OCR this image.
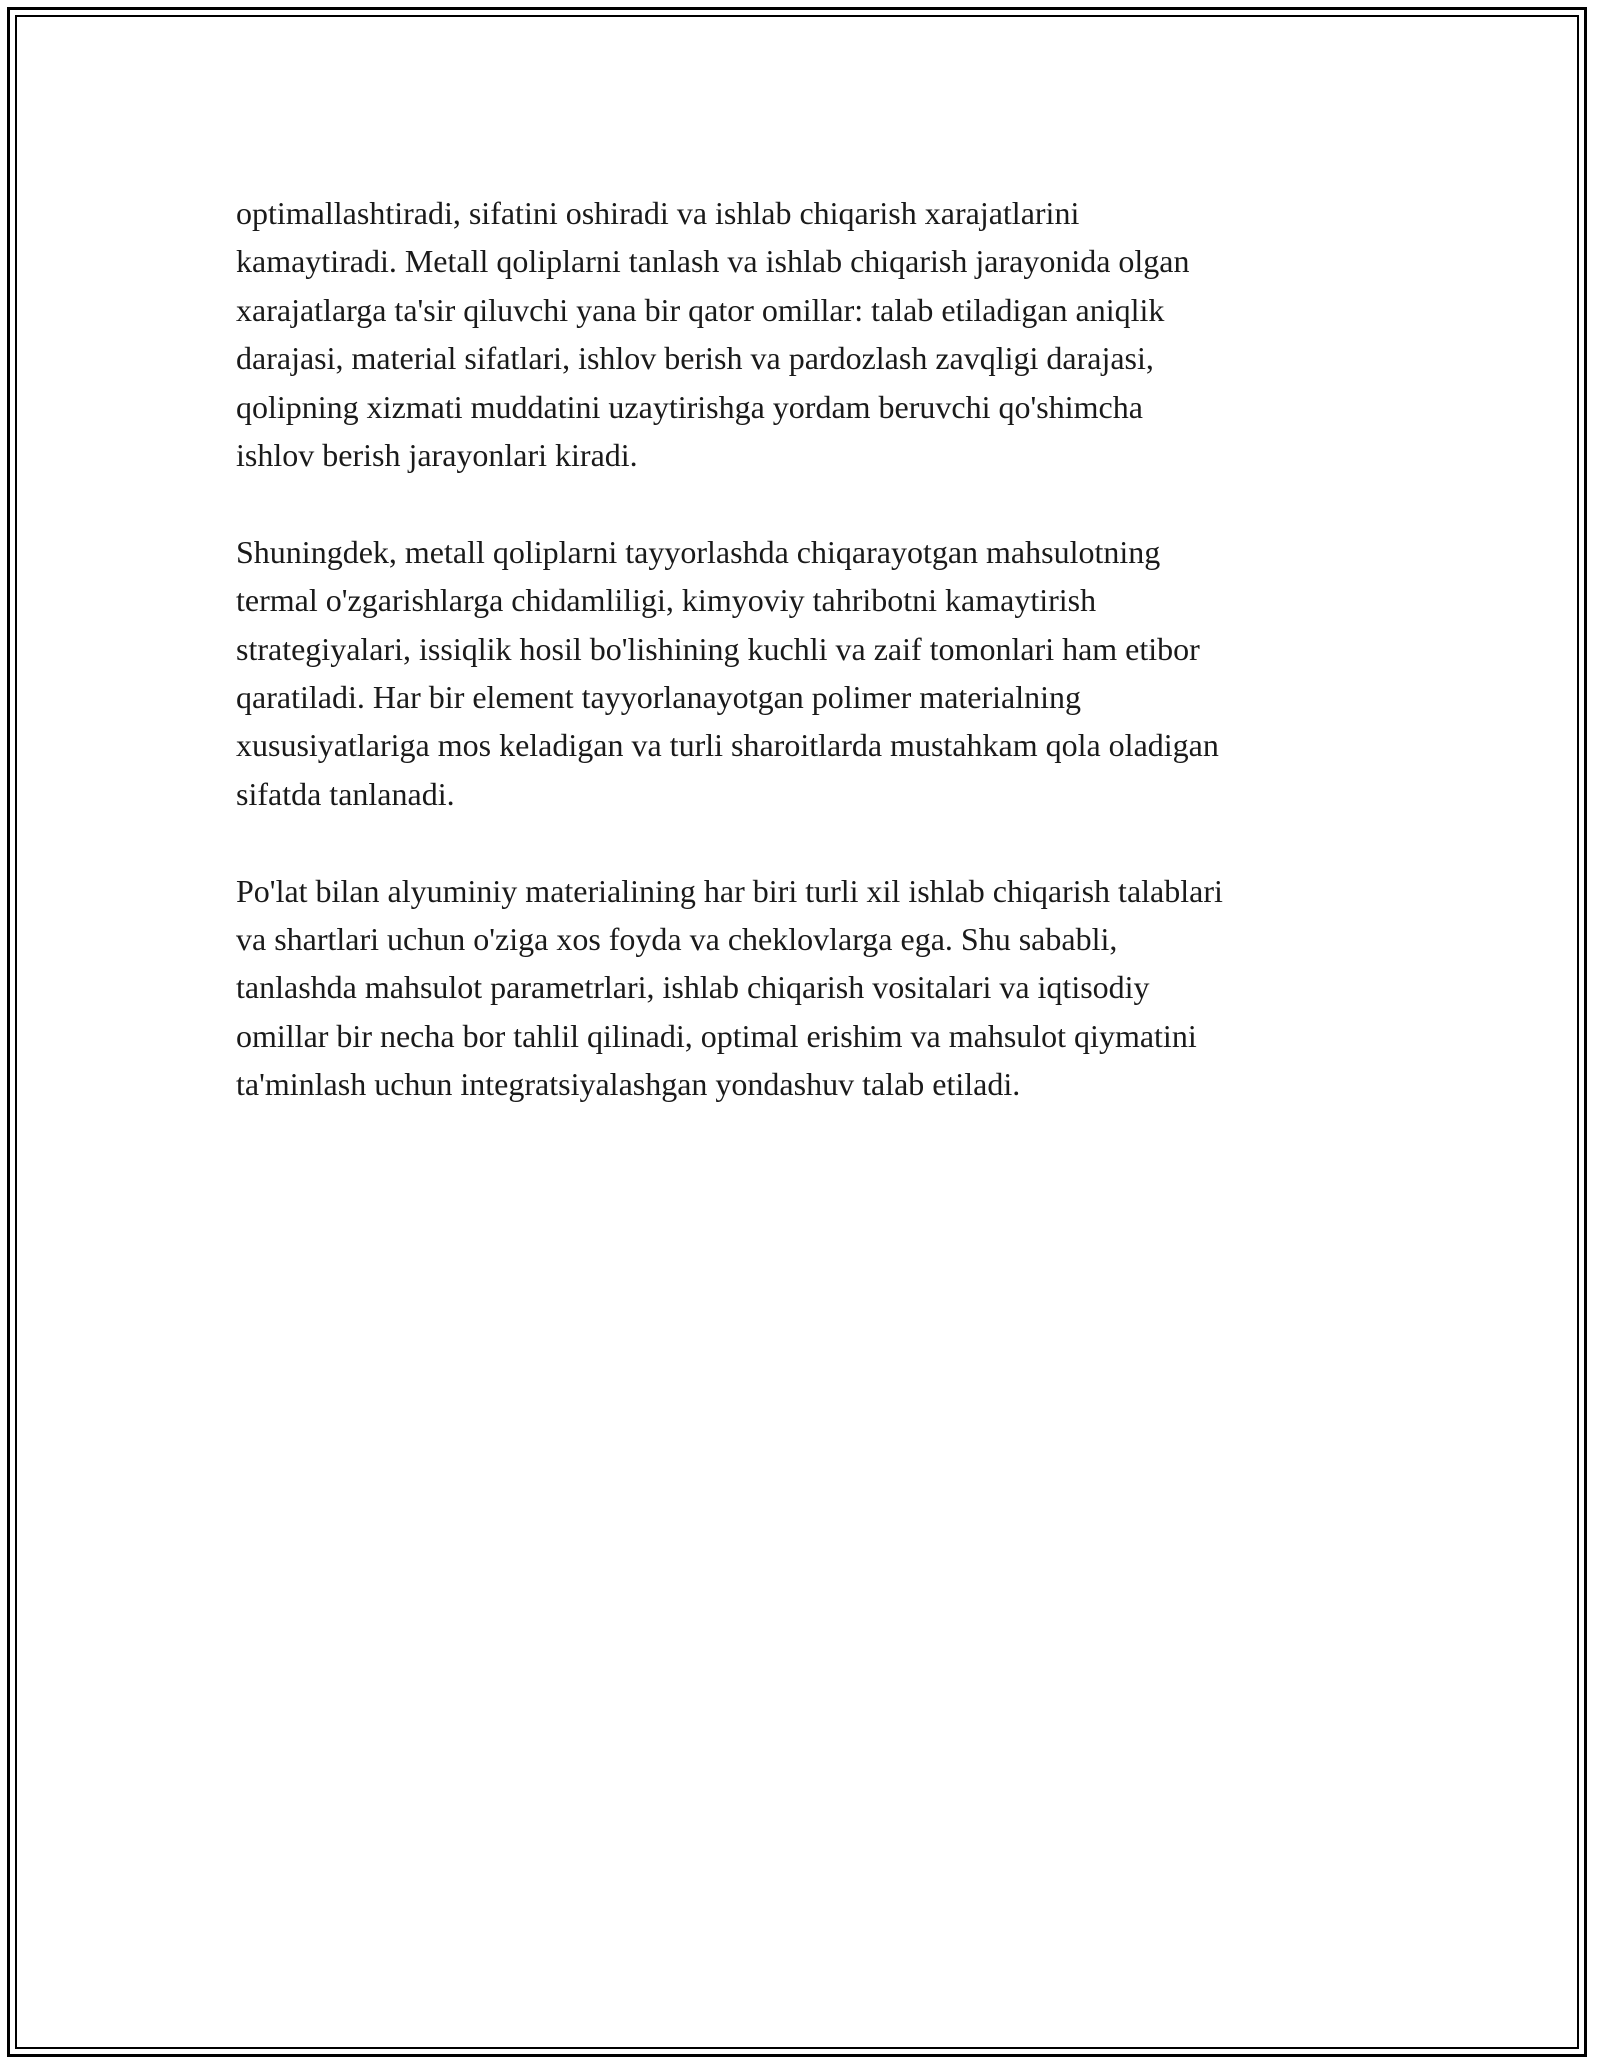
optimallashtiradi, sifatini oshiradi va ishlab chiqarish xarajatlarini
kamaytiradi. Metall qoliplarni tanlash va ishlab chiqarish jarayonida olgan
xarajatlarga ta'sir qiluvchi yana bir qator omillar: talab etiladigan aniqlik
darajasi, material sifatlari, ishlov berish va pardozlash zavqligi darajasi,
qolipning xizmati muddatini uzaytirishga yordam beruvchi qo'shimcha
ishlov berish jarayonlari kiradi.

Shuningdek, metall qoliplarni tayyorlashda chiqarayotgan mahsulotning
termal o'zgarishlarga chidamliligi, kimyoviy tahribotni kamaytirish
strategiyalari, issiqlik hosil bo'lishining kuchli va zaif tomonlari ham etibor
qaratiladi. Har bir element tayyorlanayotgan polimer materialning
xususiyatlariga mos keladigan va turli sharoitlarda mustahkam qola oladigan
sifatda tanlanadi.

Po'lat bilan alyuminiy materialining har biri turli xil ishlab chiqarish talablari
va shartlari uchun o'ziga xos foyda va cheklovlarga ega. Shu sababli,
tanlashda mahsulot parametrlari, ishlab chiqarish vositalari va iqtisodiy
omillar bir necha bor tahlil qilinadi, optimal erishim va mahsulot qiymatini
ta'minlash uchun integratsiyalashgan yondashuv talab etiladi.
